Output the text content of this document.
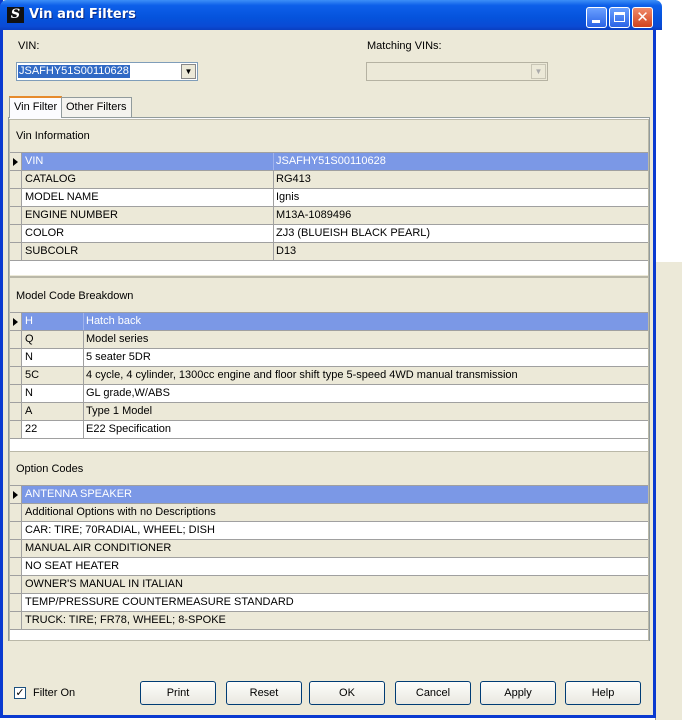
S Vin and Filters	✕
VIN:
JSAFHY51S00110628	▼
Matching VINs:
▼
Vin Filter Other Filters
Vin Information
VIN	JSAFHY51S00110628
CATALOG	RG413
MODEL NAME	Ignis
ENGINE NUMBER	M13A-1089496
COLOR	ZJ3 (BLUEISH BLACK PEARL)
SUBCOLR	D13
Model Code Breakdown
H	Hatch back
Q	Model series
N	5 seater 5DR
5C	4 cycle, 4 cylinder, 1300cc engine and floor shift type 5-speed 4WD manual transmission
N	GL grade,W/ABS
A	Type 1 Model
22	E22 Specification
Option Codes
ANTENNA SPEAKER
Additional Options with no Descriptions
CAR: TIRE; 70RADIAL, WHEEL; DISH
MANUAL AIR CONDITIONER
NO SEAT HEATER
OWNER'S MANUAL IN ITALIAN
TEMP/PRESSURE COUNTERMEASURE STANDARD
TRUCK: TIRE; FR78, WHEEL; 8-SPOKE
✓ Filter On	Print	Reset	OK	Cancel	Apply	Help
